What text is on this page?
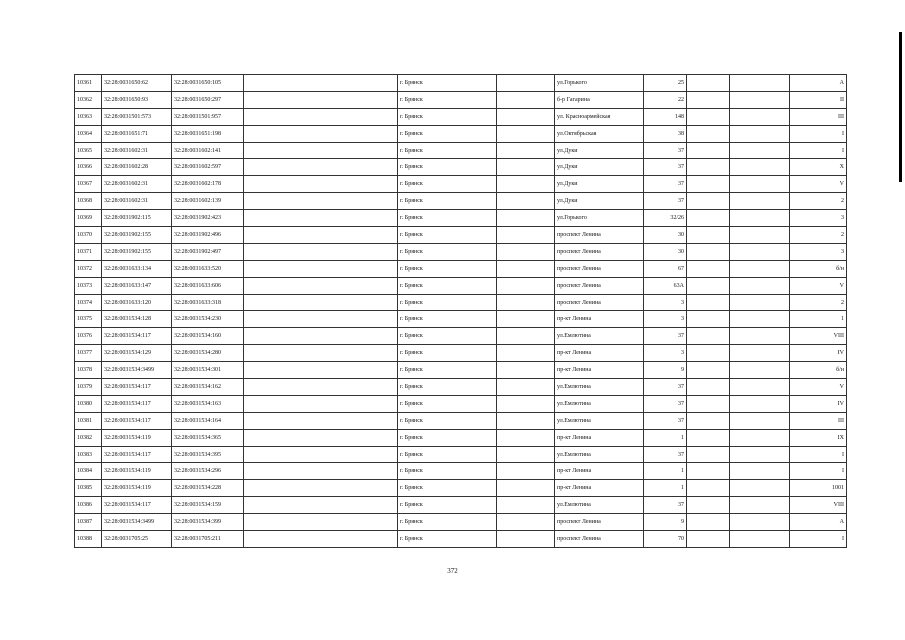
10361	32:28:0031650:62	32:28:0031650:105		г. Брянск		ул.Горького	25			А
10362	32:28:0031650:93	32:28:0031650:297		г. Брянск		б-р Гагарина	22			II
10363	32:28:0031501:573	32:28:0031501:957		г. Брянск		ул. Красноармейская	148			III
10364	32:28:0031651:71	32:28:0031651:198		г. Брянск		ул.Октябрьская	38			I
10365	32:28:0031602:31	32:28:0031602:141		г. Брянск		ул.Дуки	37			I
10366	32:28:0031602:28	32:28:0031602:597		г. Брянск		ул.Дуки	37			X
10367	32:28:0031602:31	32:28:0031602:178		г. Брянск		ул.Дуки	37			V
10368	32:28:0031602:31	32:28:0031602:139		г. Брянск		ул.Дуки	37			2
10369	32:28:0031902:115	32:28:0031902:423		г. Брянск		ул.Горького	32/26			3
10370	32:28:0031902:155	32:28:0031902:496		г. Брянск		проспект Ленина	30			2
10371	32:28:0031902:155	32:28:0031902:497		г. Брянск		проспект Ленина	30			3
10372	32:28:0031633:134	32:28:0031633:520		г. Брянск		проспект Ленина	67			б/н
10373	32:28:0031633:147	32:28:0031633:606		г. Брянск		проспект Ленина	63А			V
10374	32:28:0031633:120	32:28:0031633:318		г. Брянск		проспект Ленина	3			2
10375	32:28:0031534:128	32:28:0031534:230		г. Брянск		пр-кт Ленина	3			1
10376	32:28:0031534:117	32:28:0031534:160		г. Брянск		ул.Емлютина	37			VIII
10377	32:28:0031534:129	32:28:0031534:280		г. Брянск		пр-кт Ленина	3			IV
10378	32:28:0031534:3499	32:28:0031534:301		г. Брянск		пр-кт Ленина	9			б/н
10379	32:28:0031534:117	32:28:0031534:162		г. Брянск		ул.Емлютина	37			V
10380	32:28:0031534:117	32:28:0031534:163		г. Брянск		ул.Емлютина	37			IV
10381	32:28:0031534:117	32:28:0031534:164		г. Брянск		ул.Емлютина	37			III
10382	32:28:0031534:119	32:28:0031534:365		г. Брянск		пр-кт Ленина	1			IX
10383	32:28:0031534:117	32:28:0031534:395		г. Брянск		ул.Емлютина	37			I
10384	32:28:0031534:119	32:28:0031534:296		г. Брянск		пр-кт Ленина	1			I
10385	32:28:0031534:119	32:28:0031534:228		г. Брянск		пр-кт Ленина	1			1001
10386	32:28:0031534:117	32:28:0031534:159		г. Брянск		ул.Емлютина	37			VIII
10387	32:28:0031534:3499	32:28:0031534:399		г. Брянск		проспект Ленина	9			А
10388	32:28:0031705:25	32:28:0031705:211		г. Брянск		проспект Ленина	70			I
372
